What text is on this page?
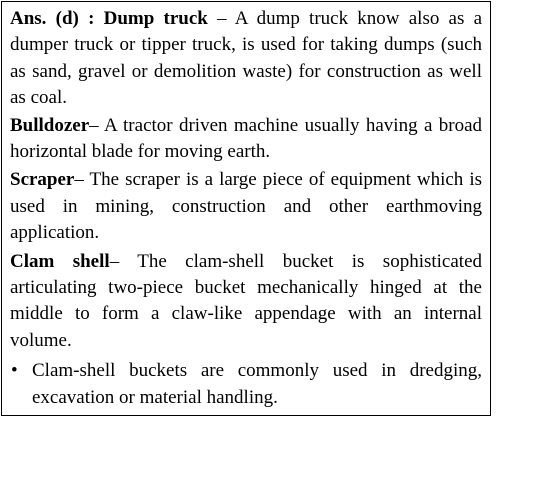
Ans. (d) : Dump truck – A dump truck know also as a dumper truck or tipper truck, is used for taking dumps (such as sand, gravel or demolition waste) for construction as well as coal.

Bulldozer– A tractor driven machine usually having a broad horizontal blade for moving earth.

Scraper– The scraper is a large piece of equipment which is used in mining, construction and other earthmoving application.

Clam shell– The clam-shell bucket is sophisticated articulating two-piece bucket mechanically hinged at the middle to form a claw-like appendage with an internal volume.

• Clam-shell buckets are commonly used in dredging, excavation or material handling.
